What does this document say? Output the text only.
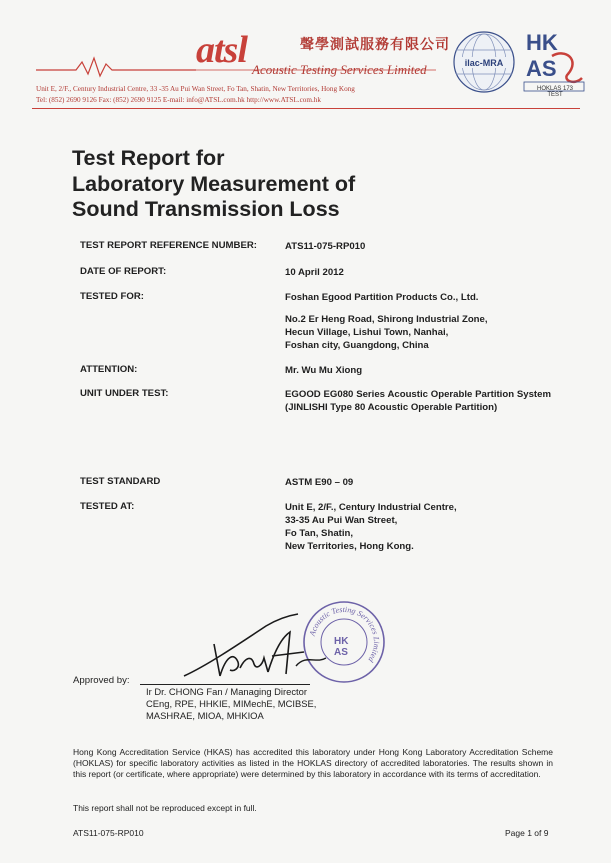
atsl	聲學測試服務有限公司
Acoustic Testing Services Limited
Unit E, 2/F., Century Industrial Centre, 33 -35 Au Pui Wan Street, Fo Tan, Shatin, New Territories, Hong Kong
Tel: (852) 2690 9126 Fax: (852) 2690 9125 E-mail: info@ATSL.com.hk http://www.ATSL.com.hk
ilac-MRA
HK
AS
HOKLAS 173
TEST
Test Report for
Laboratory Measurement of
Sound Transmission Loss
TEST REPORT REFERENCE NUMBER:	ATS11-075-RP010
DATE OF REPORT:	10 April 2012
TESTED FOR:	Foshan Egood Partition Products Co., Ltd.
No.2 Er Heng Road, Shirong Industrial Zone,
Hecun Village, Lishui Town, Nanhai,
Foshan city, Guangdong, China
ATTENTION:	Mr. Wu Mu Xiong
UNIT UNDER TEST:	EGOOD EG080 Series Acoustic Operable Partition System (JINLISHI Type 80 Acoustic Operable Partition)
TEST STANDARD	ASTM E90 – 09
TESTED AT:	Unit E, 2/F., Century Industrial Centre,
33-35 Au Pui Wan Street,
Fo Tan, Shatin,
New Territories, Hong Kong.
Acoustic Testing Services Limited
HK
AS
Approved by:
Ir Dr. CHONG Fan / Managing Director
CEng, RPE, HHKIE, MIMechE, MCIBSE,
MASHRAE, MIOA, MHKIOA
Hong Kong Accreditation Service (HKAS) has accredited this laboratory under Hong Kong Laboratory Accreditation Scheme (HOKLAS) for specific laboratory activities as listed in the HOKLAS directory of accredited laboratories. The results shown in this report (or certificate, where appropriate) were determined by this laboratory in accordance with its terms of accreditation.
This report shall not be reproduced except in full.
ATS11-075-RP010	Page 1 of 9
